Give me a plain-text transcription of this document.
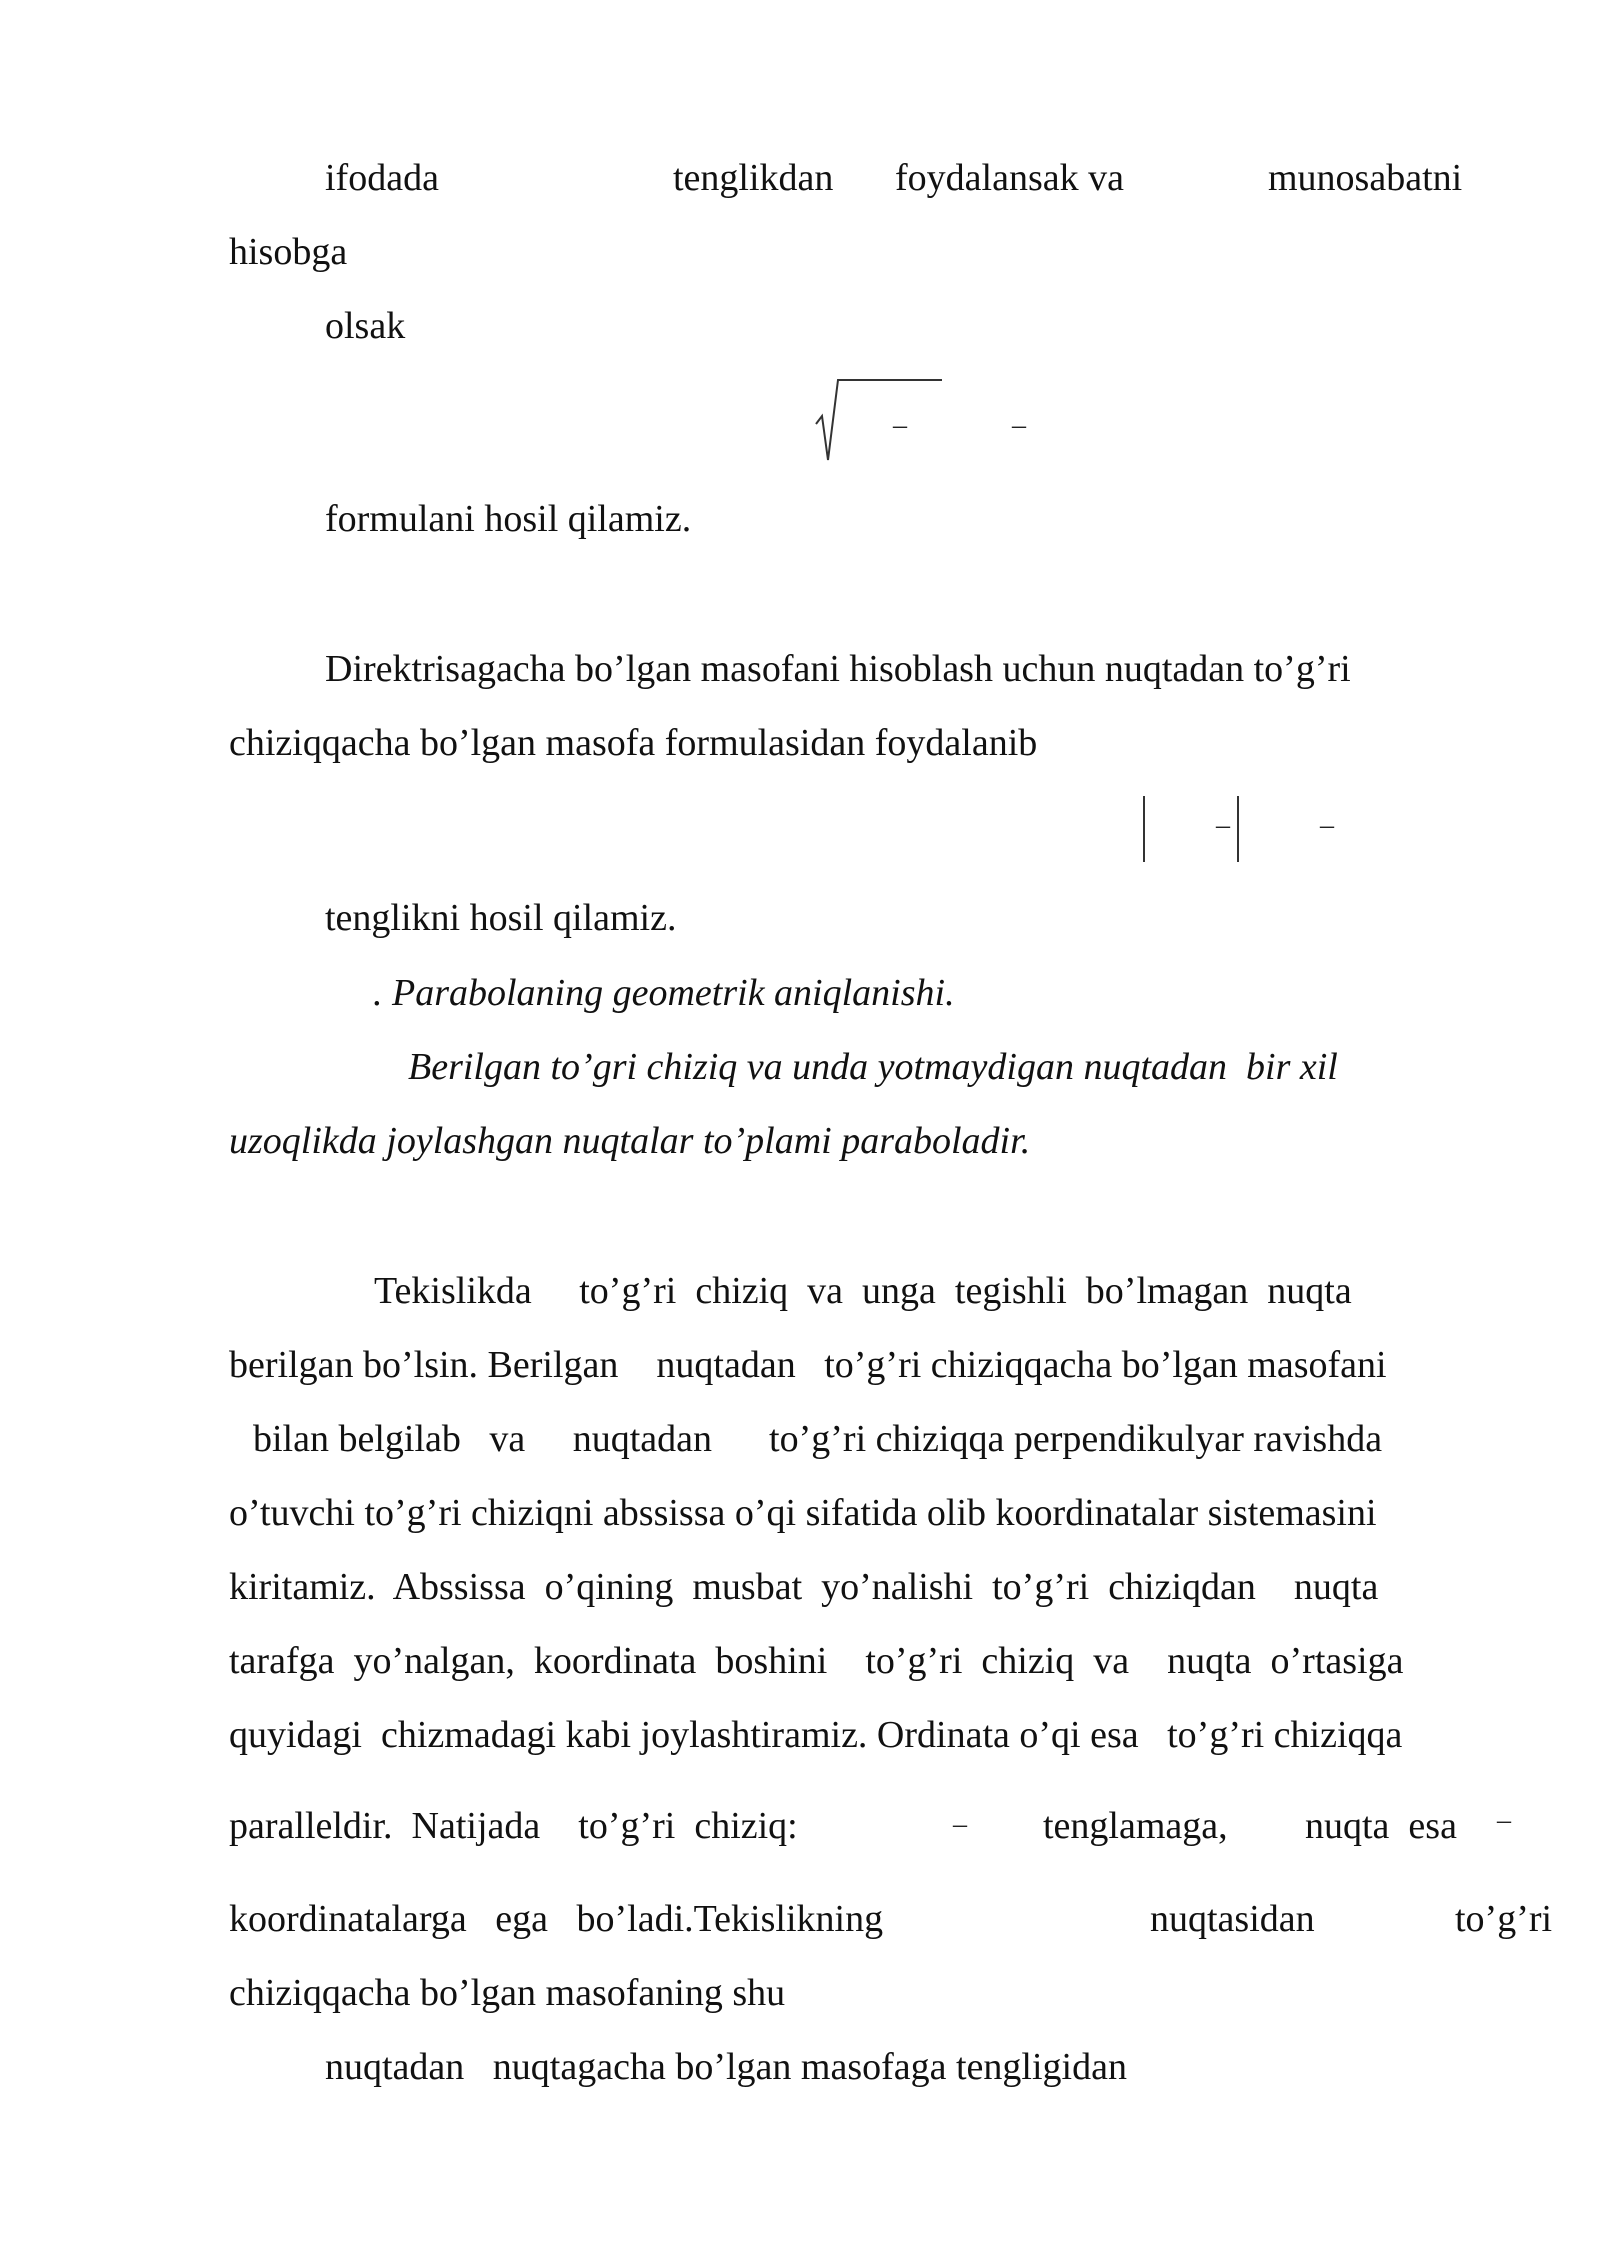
ifodada	tenglikdan foydalansak va	munosabatni
hisobga
olsak
–	–
formulani hosil qilamiz.
Direktrisagacha bo’lgan masofani hisoblash uchun nuqtadan to’g’ri
chiziqqacha bo’lgan masofa formulasidan foydalanib
–	–
tenglikni hosil qilamiz.
. Parabolaning geometrik aniqlanishi.
Berilgan to’gri chiziq va unda yotmaydigan nuqtadan  bir xil
uzoqlikda joylashgan nuqtalar to’plami paraboladir.
Tekislikda     to’g’ri  chiziq  va  unga  tegishli  bo’lmagan  nuqta
berilgan bo’lsin. Berilgan    nuqtadan   to’g’ri chiziqqacha bo’lgan masofani
bilan belgilab   va     nuqtadan      to’g’ri chiziqqa perpendikulyar ravishda
o’tuvchi to’g’ri chiziqni abssissa o’qi sifatida olib koordinatalar sistemasini
kiritamiz.  Abssissa  o’qining  musbat  yo’nalishi  to’g’ri  chiziqdan    nuqta
tarafga  yo’nalgan,  koordinata  boshini    to’g’ri  chiziq  va    nuqta  o’rtasiga
quyidagi  chizmadagi kabi joylashtiramiz. Ordinata o’qi esa   to’g’ri chiziqqa
paralleldir.  Natijada    to’g’ri  chiziq:	– tenglamaga, nuqta  esa –
koordinatalarga   ega   bo’ladi.Tekislikning	nuqtasidan	to’g’ri
chiziqqacha bo’lgan masofaning shu
nuqtadan   nuqtagacha bo’lgan masofaga tengligidan
